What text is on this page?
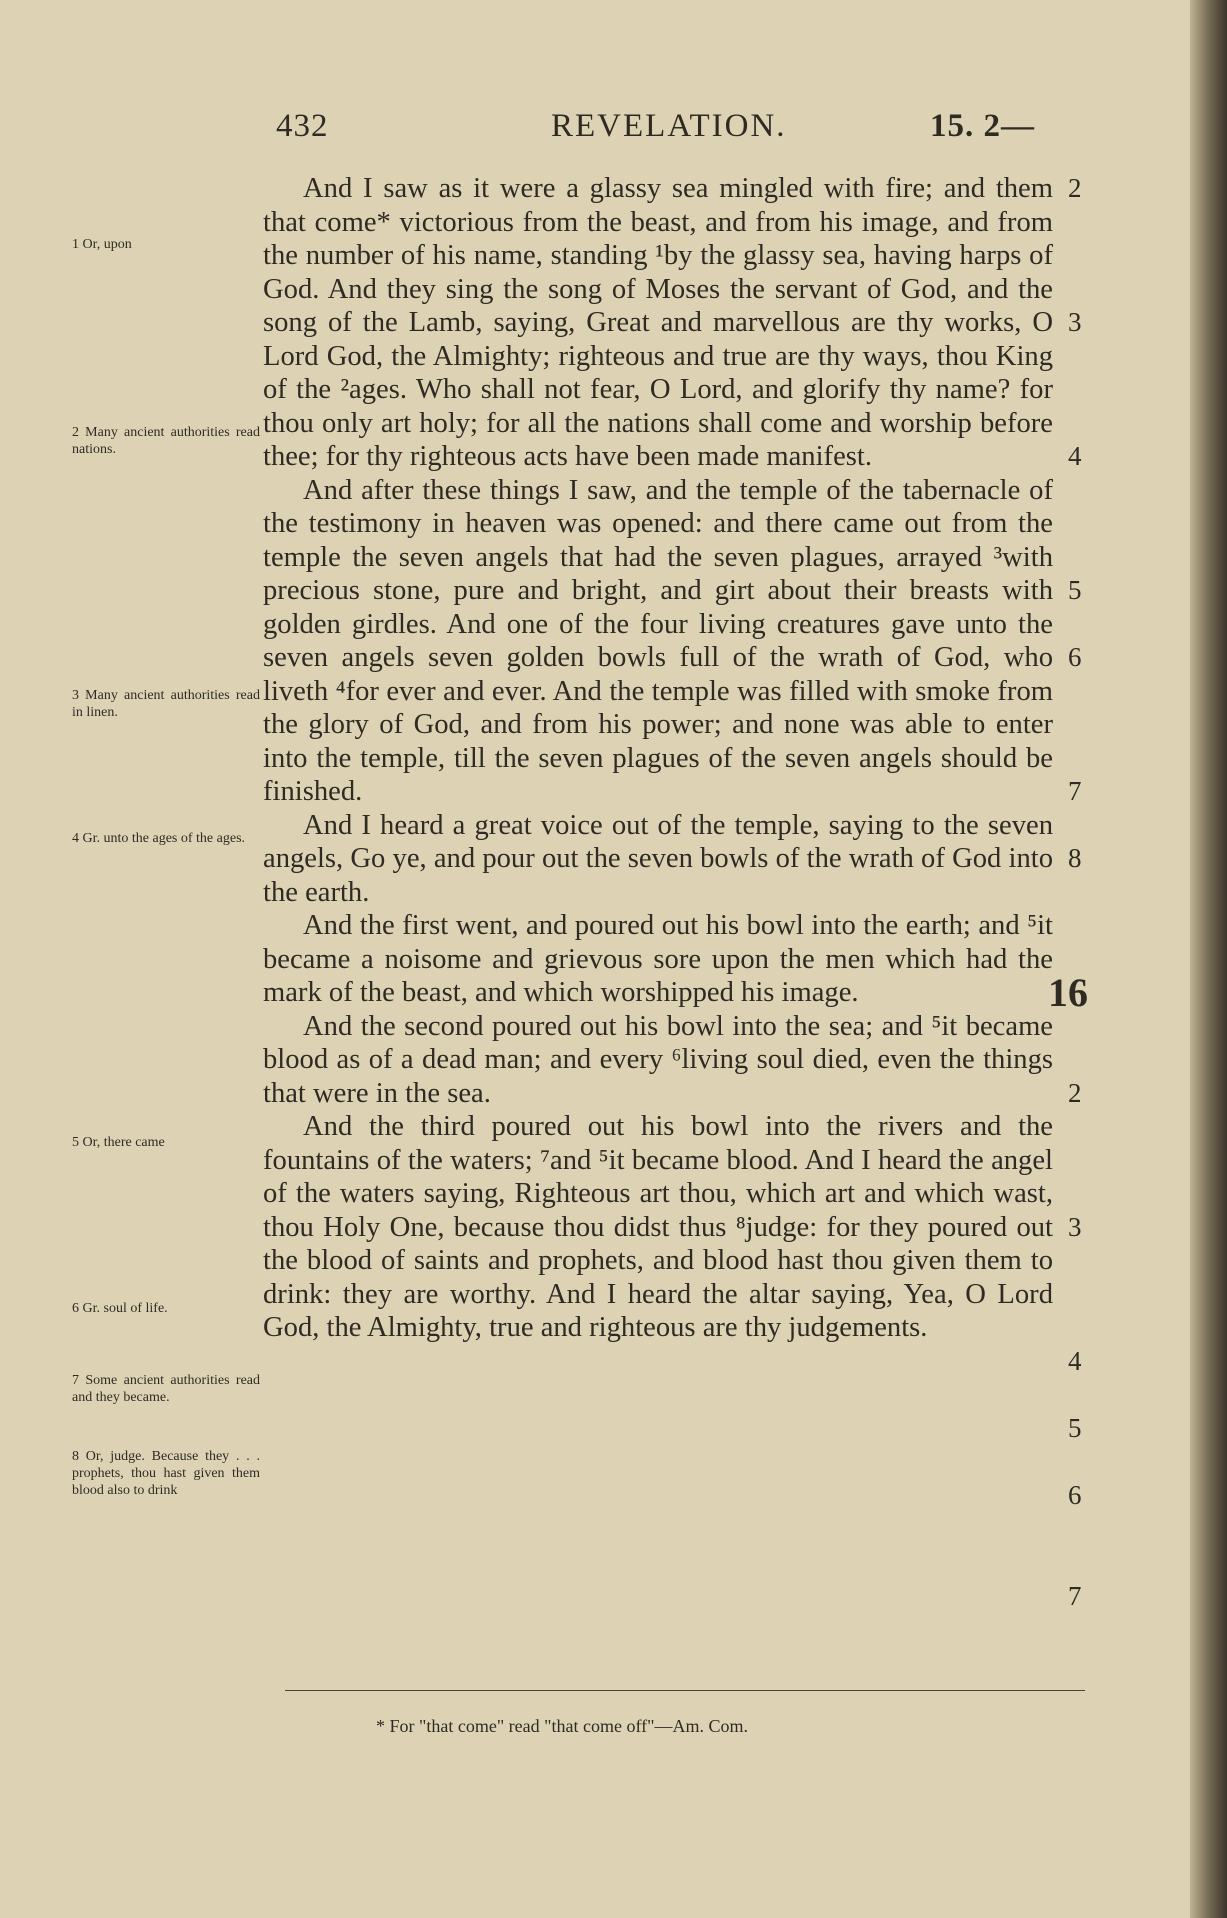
432	REVELATION.	15. 2—
1 Or, upon
2 Many ancient authorities read nations.
3 Many ancient authorities read in linen.
4 Gr. unto the ages of the ages.
5 Or, there came
6 Gr. soul of life.
7 Some ancient authorities read and they became.
8 Or, judge. Because they . . . prophets, thou hast given them blood also to drink

And I saw as it were a glassy sea mingled with fire; and them that come* victorious from the beast, and from his image, and from the number of his name, standing ¹by the glassy sea, having harps of God. And they sing the song of Moses the servant of God, and the song of the Lamb, saying, Great and marvellous are thy works, O Lord God, the Almighty; righteous and true are thy ways, thou King of the ²ages. Who shall not fear, O Lord, and glorify thy name? for thou only art holy; for all the nations shall come and worship before thee; for thy righteous acts have been made manifest.

And after these things I saw, and the temple of the tabernacle of the testimony in heaven was opened: and there came out from the temple the seven angels that had the seven plagues, arrayed ³with precious stone, pure and bright, and girt about their breasts with golden girdles. And one of the four living creatures gave unto the seven angels seven golden bowls full of the wrath of God, who liveth ⁴for ever and ever. And the temple was filled with smoke from the glory of God, and from his power; and none was able to enter into the temple, till the seven plagues of the seven angels should be finished.

And I heard a great voice out of the temple, saying to the seven angels, Go ye, and pour out the seven bowls of the wrath of God into the earth.

And the first went, and poured out his bowl into the earth; and ⁵it became a noisome and grievous sore upon the men which had the mark of the beast, and which worshipped his image.

And the second poured out his bowl into the sea; and ⁵it became blood as of a dead man; and every ⁶living soul died, even the things that were in the sea.

And the third poured out his bowl into the rivers and the fountains of the waters; ⁷and ⁵it became blood. And I heard the angel of the waters saying, Righteous art thou, which art and which wast, thou Holy One, because thou didst thus ⁸judge: for they poured out the blood of saints and prophets, and blood hast thou given them to drink: they are worthy. And I heard the altar saying, Yea, O Lord God, the Almighty, true and righteous are thy judgements.

2
3
4
5
6
7
8
16
2
3
4
5
6
7
* For "that come" read "that come off"—Am. Com.
